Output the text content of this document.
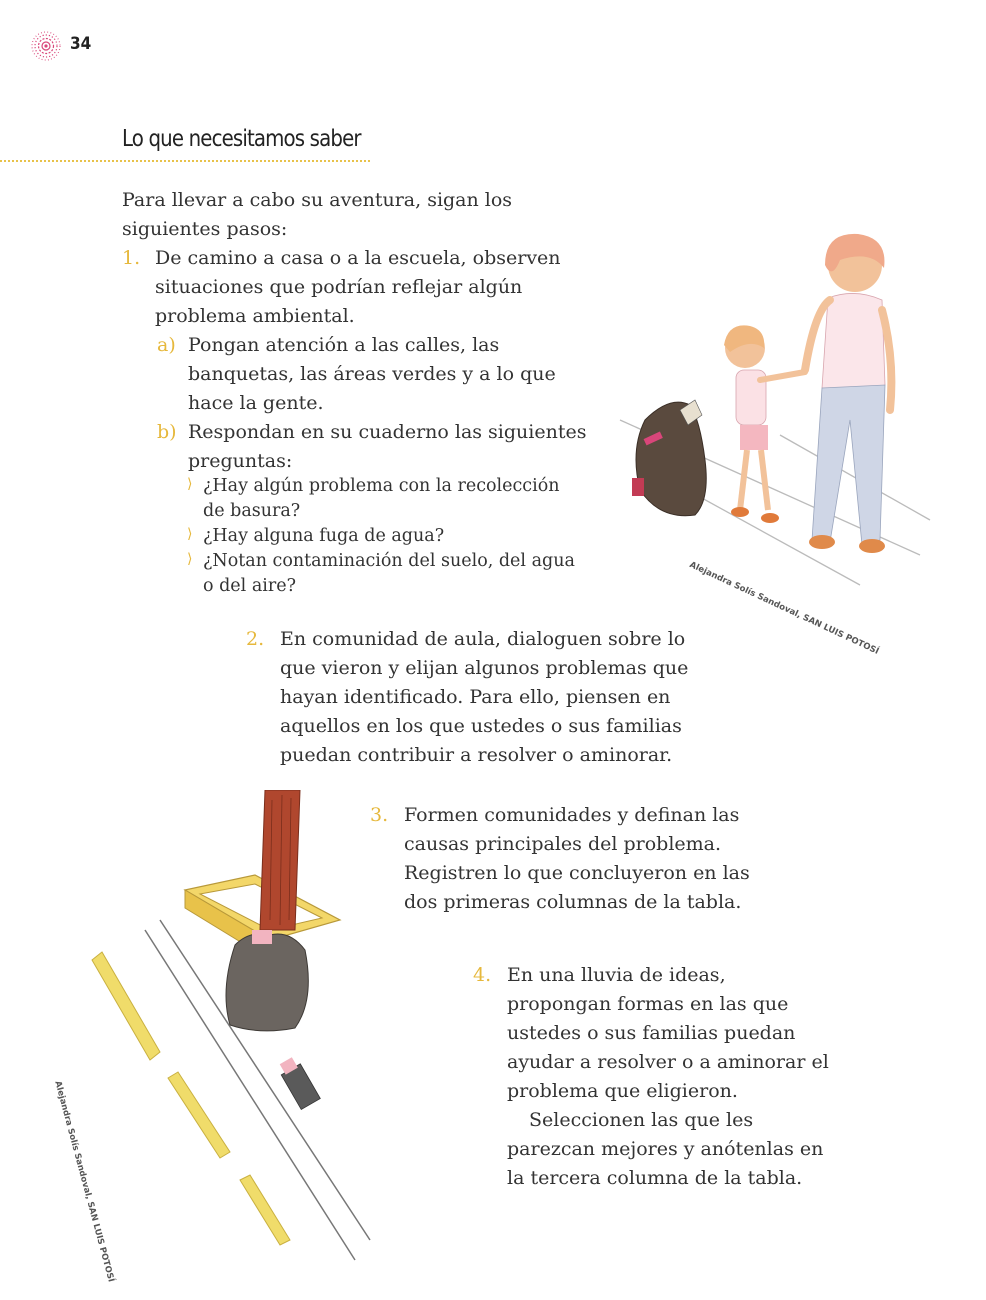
34
Lo que necesitamos saber
Para llevar a cabo su aventura, sigan los siguientes pasos:
1. De camino a casa o a la escuela, observen
situaciones que podrían reflejar algún
problema ambiental.
a) Pongan atención a las calles, las
banquetas, las áreas verdes y a lo que
hace la gente.
b) Respondan en su cuaderno las siguientes
preguntas:
⟩ ¿Hay algún problema con la recolección
de basura?
⟩ ¿Hay alguna fuga de agua?
⟩ ¿Notan contaminación del suelo, del agua
o del aire?	Alejandra Solís Sandoval, SAN LUIS POTOSÍ
2. En comunidad de aula, dialoguen sobre lo
que vieron y elijan algunos problemas que
hayan identificado. Para ello, piensen en
aquellos en los que ustedes o sus familias
puedan contribuir a resolver o aminorar.
Alejandra Solís Sandoval, SAN LUIS POTOSÍ
3. Formen comunidades y definan las
causas principales del problema.
Registren lo que concluyeron en las
dos primeras columnas de la tabla.
4. En una lluvia de ideas,
propongan formas en las que
ustedes o sus familias puedan
ayudar a resolver o a aminorar el
problema que eligieron.
Seleccionen las que les
parezcan mejores y anótenlas en
la tercera columna de la tabla.
